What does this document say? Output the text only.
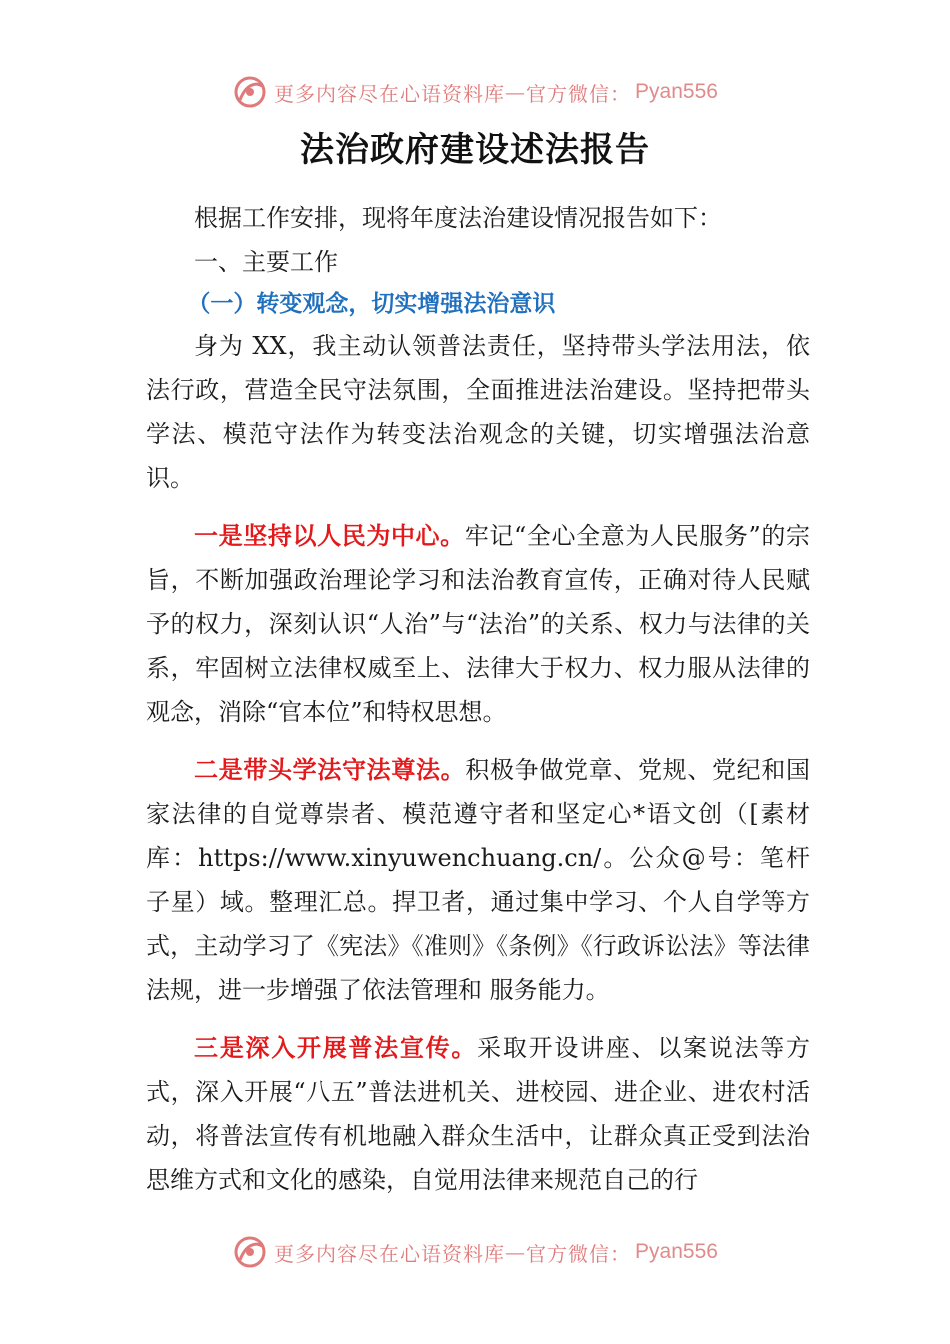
更多内容尽在心语资料库 — 官方微信： Pyan556
法治政府建设述法报告

根据工作安排，现将年度法治建设情况报告如下：

一、主要工作

（一）转变观念，切实增强法治意识

身为 XX，我主动认领普法责任，坚持带头学法用法，依法行政，营造全民守法氛围，全面推进法治建设。坚持把带头学法、模范守法作为转变法治观念的关键，切实增强法治意识。

一是坚持以人民为中心。牢记“全心全意为人民服务”的宗旨，不断加强政治理论学习和法治教育宣传，正确对待人民赋予的权力，深刻认识“人治”与“法治”的关系、权力与法律的关系，牢固树立法律权威至上、法律大于权力、权力服从法律的观念，消除“官本位”和特权思想。

二是带头学法守法尊法。积极争做党章、党规、党纪和国家法律的自觉尊崇者、模范遵守者和坚定心*语文创（[素材库：https://www.xinyuwenchuang.cn/。公众@号：笔杆子星）域。整理汇总。捍卫者，通过集中学习、个人自学等方式，主动学习了《宪法》《准则》《条例》《行政诉讼法》等法律法规，进一步增强了依法管理和 服务能力。

三是深入开展普法宣传。采取开设讲座、以案说法等方式，深入开展“八五”普法进机关、进校园、进企业、进农村活动，将普法宣传有机地融入群众生活中，让群众真正受到法治思维方式和文化的感染，自觉用法律来规范自己的行

更多内容尽在心语资料库 — 官方微信： Pyan556
